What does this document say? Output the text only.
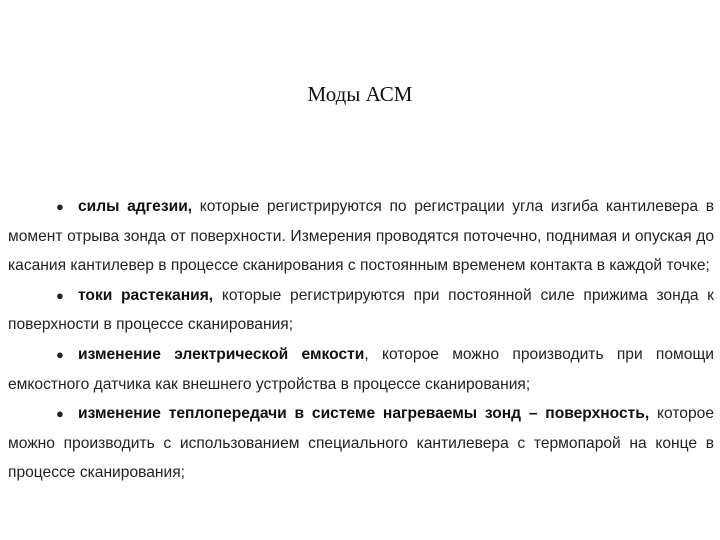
Моды АСМ

● силы адгезии, которые регистрируются по регистрации угла изгиба кантилевера в момент отрыва зонда от поверхности. Измерения проводятся поточечно, поднимая и опуская до касания кантилевер в процессе сканирования с постоянным временем контакта в каждой точке;

● токи растекания, которые регистрируются при постоянной силе прижима зонда к поверхности в процессе сканирования;

● изменение электрической емкости, которое можно производить при помощи емкостного датчика как внешнего устройства в процессе сканирования;

● изменение теплопередачи в системе нагреваемы зонд – поверхность, которое можно производить с использованием специального кантилевера с термопарой на конце в процессе сканирования;
